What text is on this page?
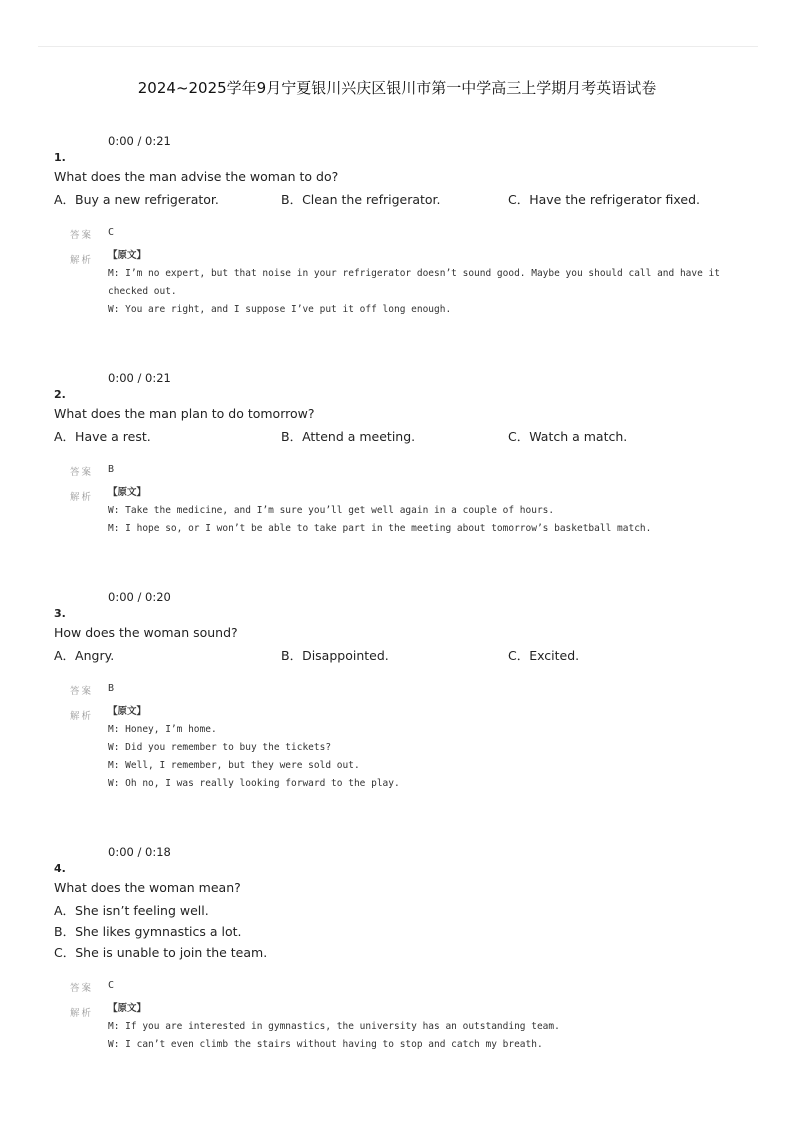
2024~2025学年9月宁夏银川兴庆区银川市第一中学高三上学期月考英语试卷
0:00 / 0:21
1.
What does the man advise the woman to do?
A．Buy a new refrigerator.	B．Clean the refrigerator.	C．Have the refrigerator fixed.
答案 C
解析 【原文】
M: I’m no expert, but that noise in your refrigerator doesn’t sound good. Maybe you should call and have it checked out.
W: You are right, and I suppose I’ve put it off long enough.
0:00 / 0:21
2.
What does the man plan to do tomorrow?
A．Have a rest.	B．Attend a meeting.	C．Watch a match.
答案 B
解析 【原文】
W: Take the medicine, and I’m sure you’ll get well again in a couple of hours.
M: I hope so, or I won’t be able to take part in the meeting about tomorrow’s basketball match.
0:00 / 0:20
3.
How does the woman sound?
A．Angry.	B．Disappointed.	C．Excited.
答案 B
解析 【原文】
M: Honey, I’m home.
W: Did you remember to buy the tickets?
M: Well, I remember, but they were sold out.
W: Oh no, I was really looking forward to the play.
0:00 / 0:18
4.
What does the woman mean?
A．She isn’t feeling well.
B．She likes gymnastics a lot.
C．She is unable to join the team.
答案 C
解析 【原文】
M: If you are interested in gymnastics, the university has an outstanding team.
W: I can’t even climb the stairs without having to stop and catch my breath.
